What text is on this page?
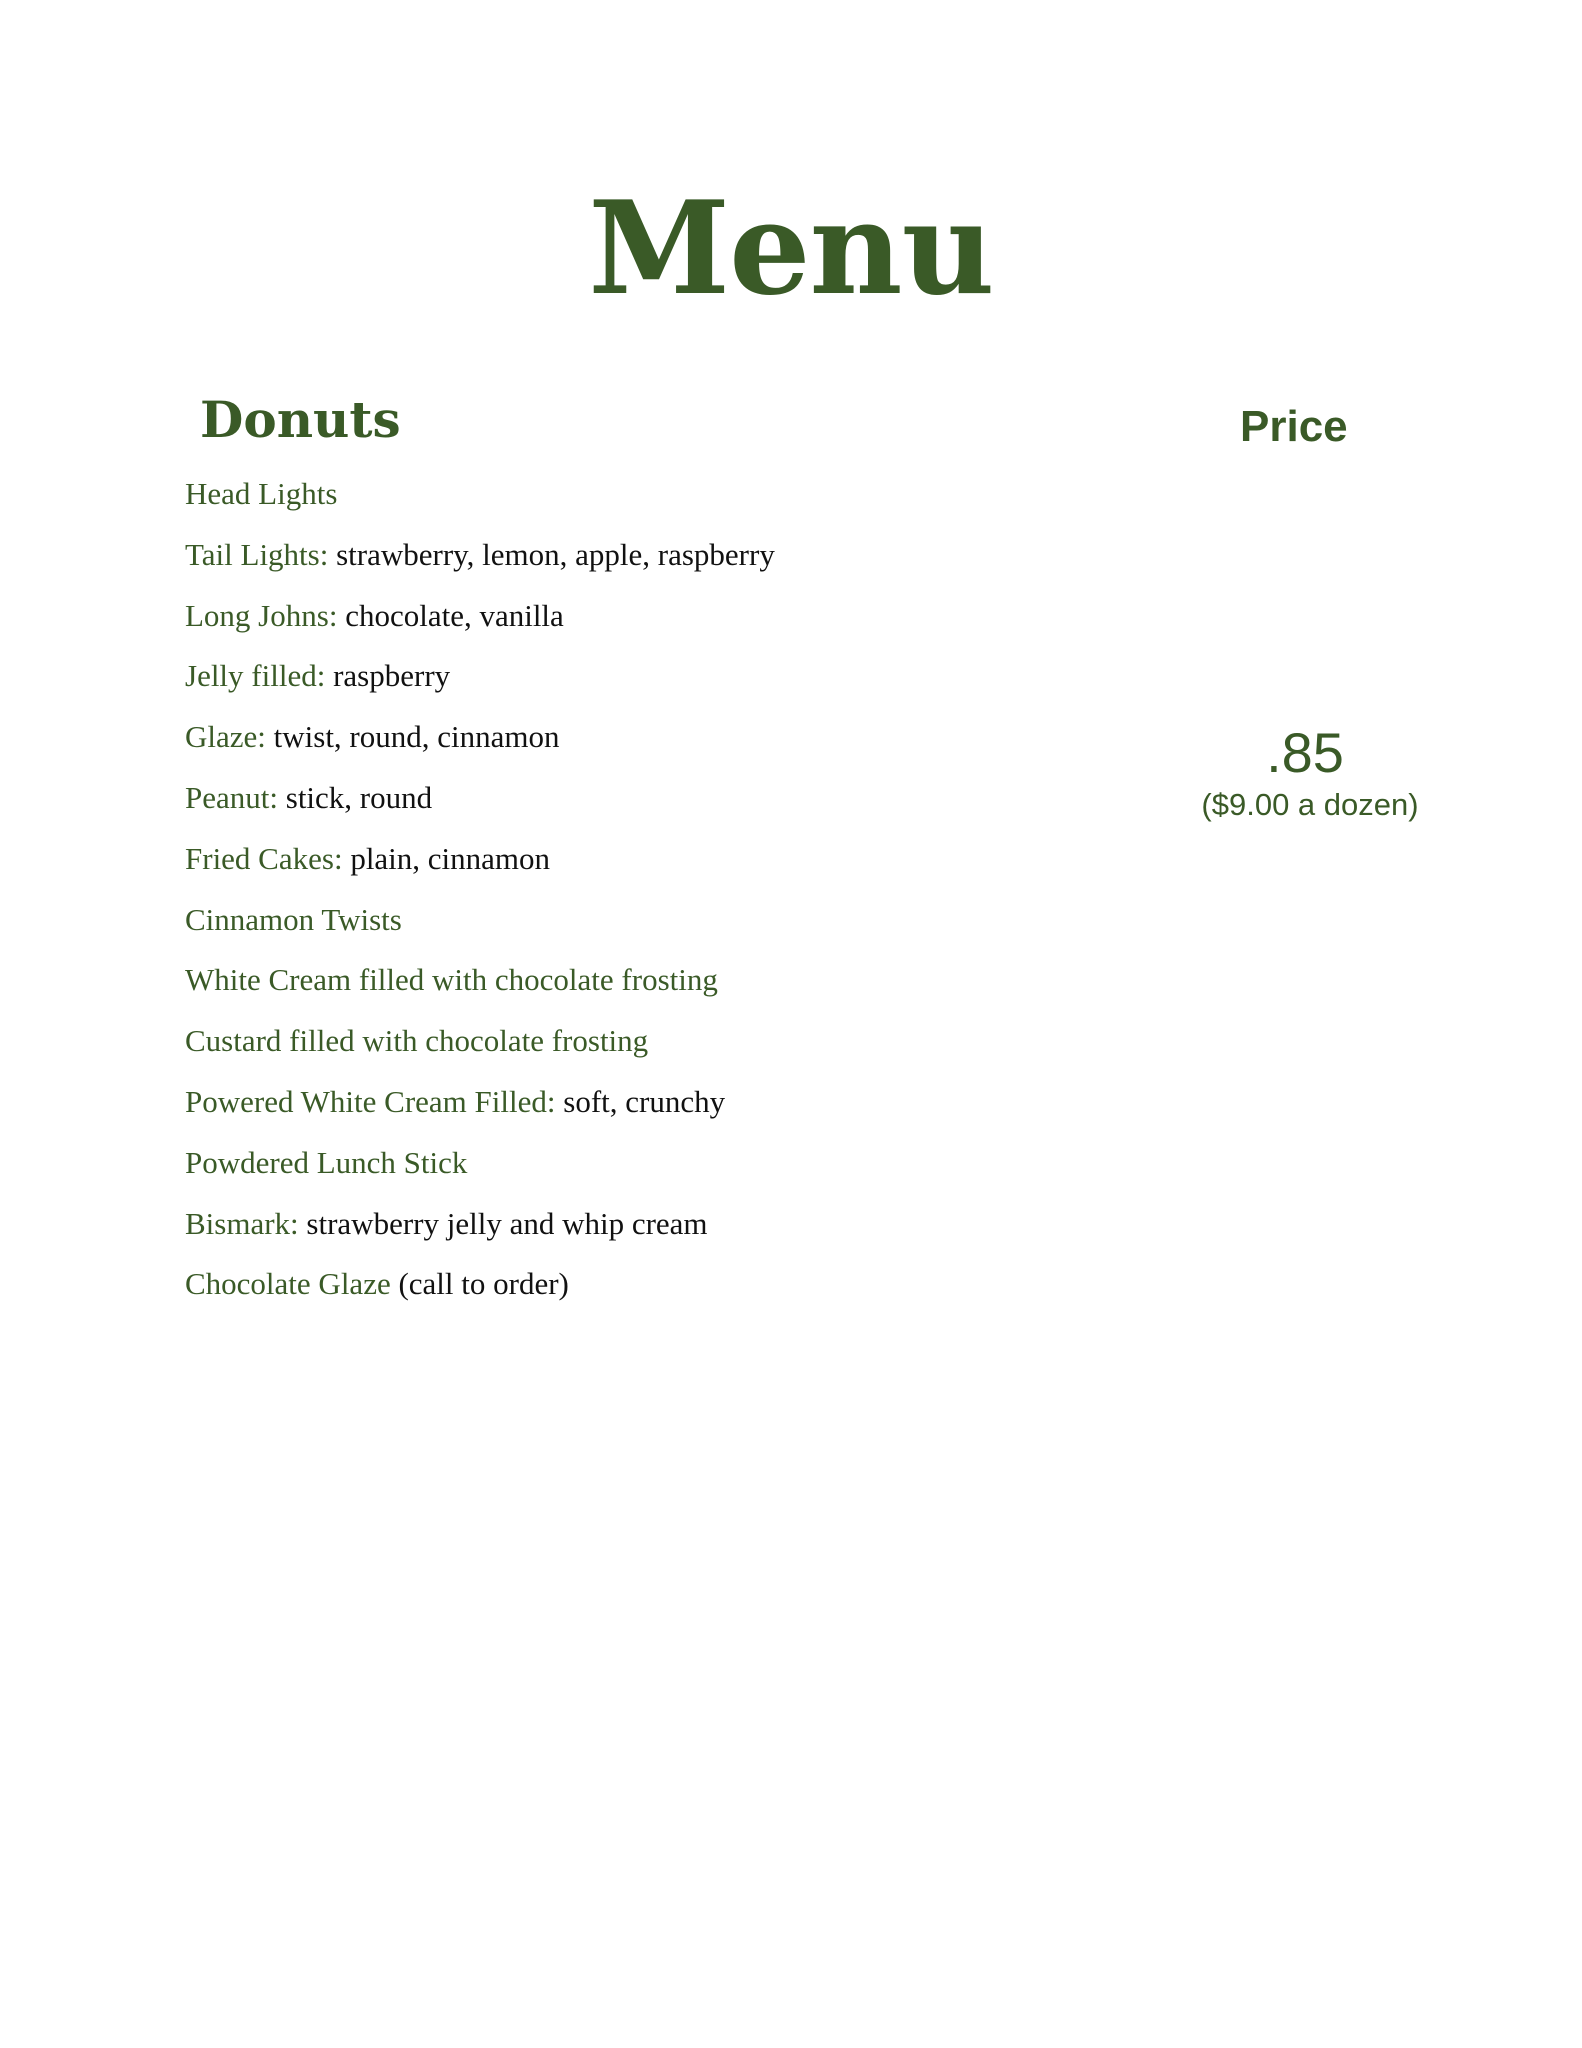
Menu
Donuts	Price
Head Lights
Tail Lights: strawberry, lemon, apple, raspberry
Long Johns: chocolate, vanilla
Jelly filled: raspberry
Glaze: twist, round, cinnamon
Peanut: stick, round
Fried Cakes: plain, cinnamon
Cinnamon Twists
White Cream filled with chocolate frosting
Custard filled with chocolate frosting
Powered White Cream Filled: soft, crunchy
Powdered Lunch Stick
Bismark: strawberry jelly and whip cream
Chocolate Glaze (call to order)
.85
($9.00 a dozen)
